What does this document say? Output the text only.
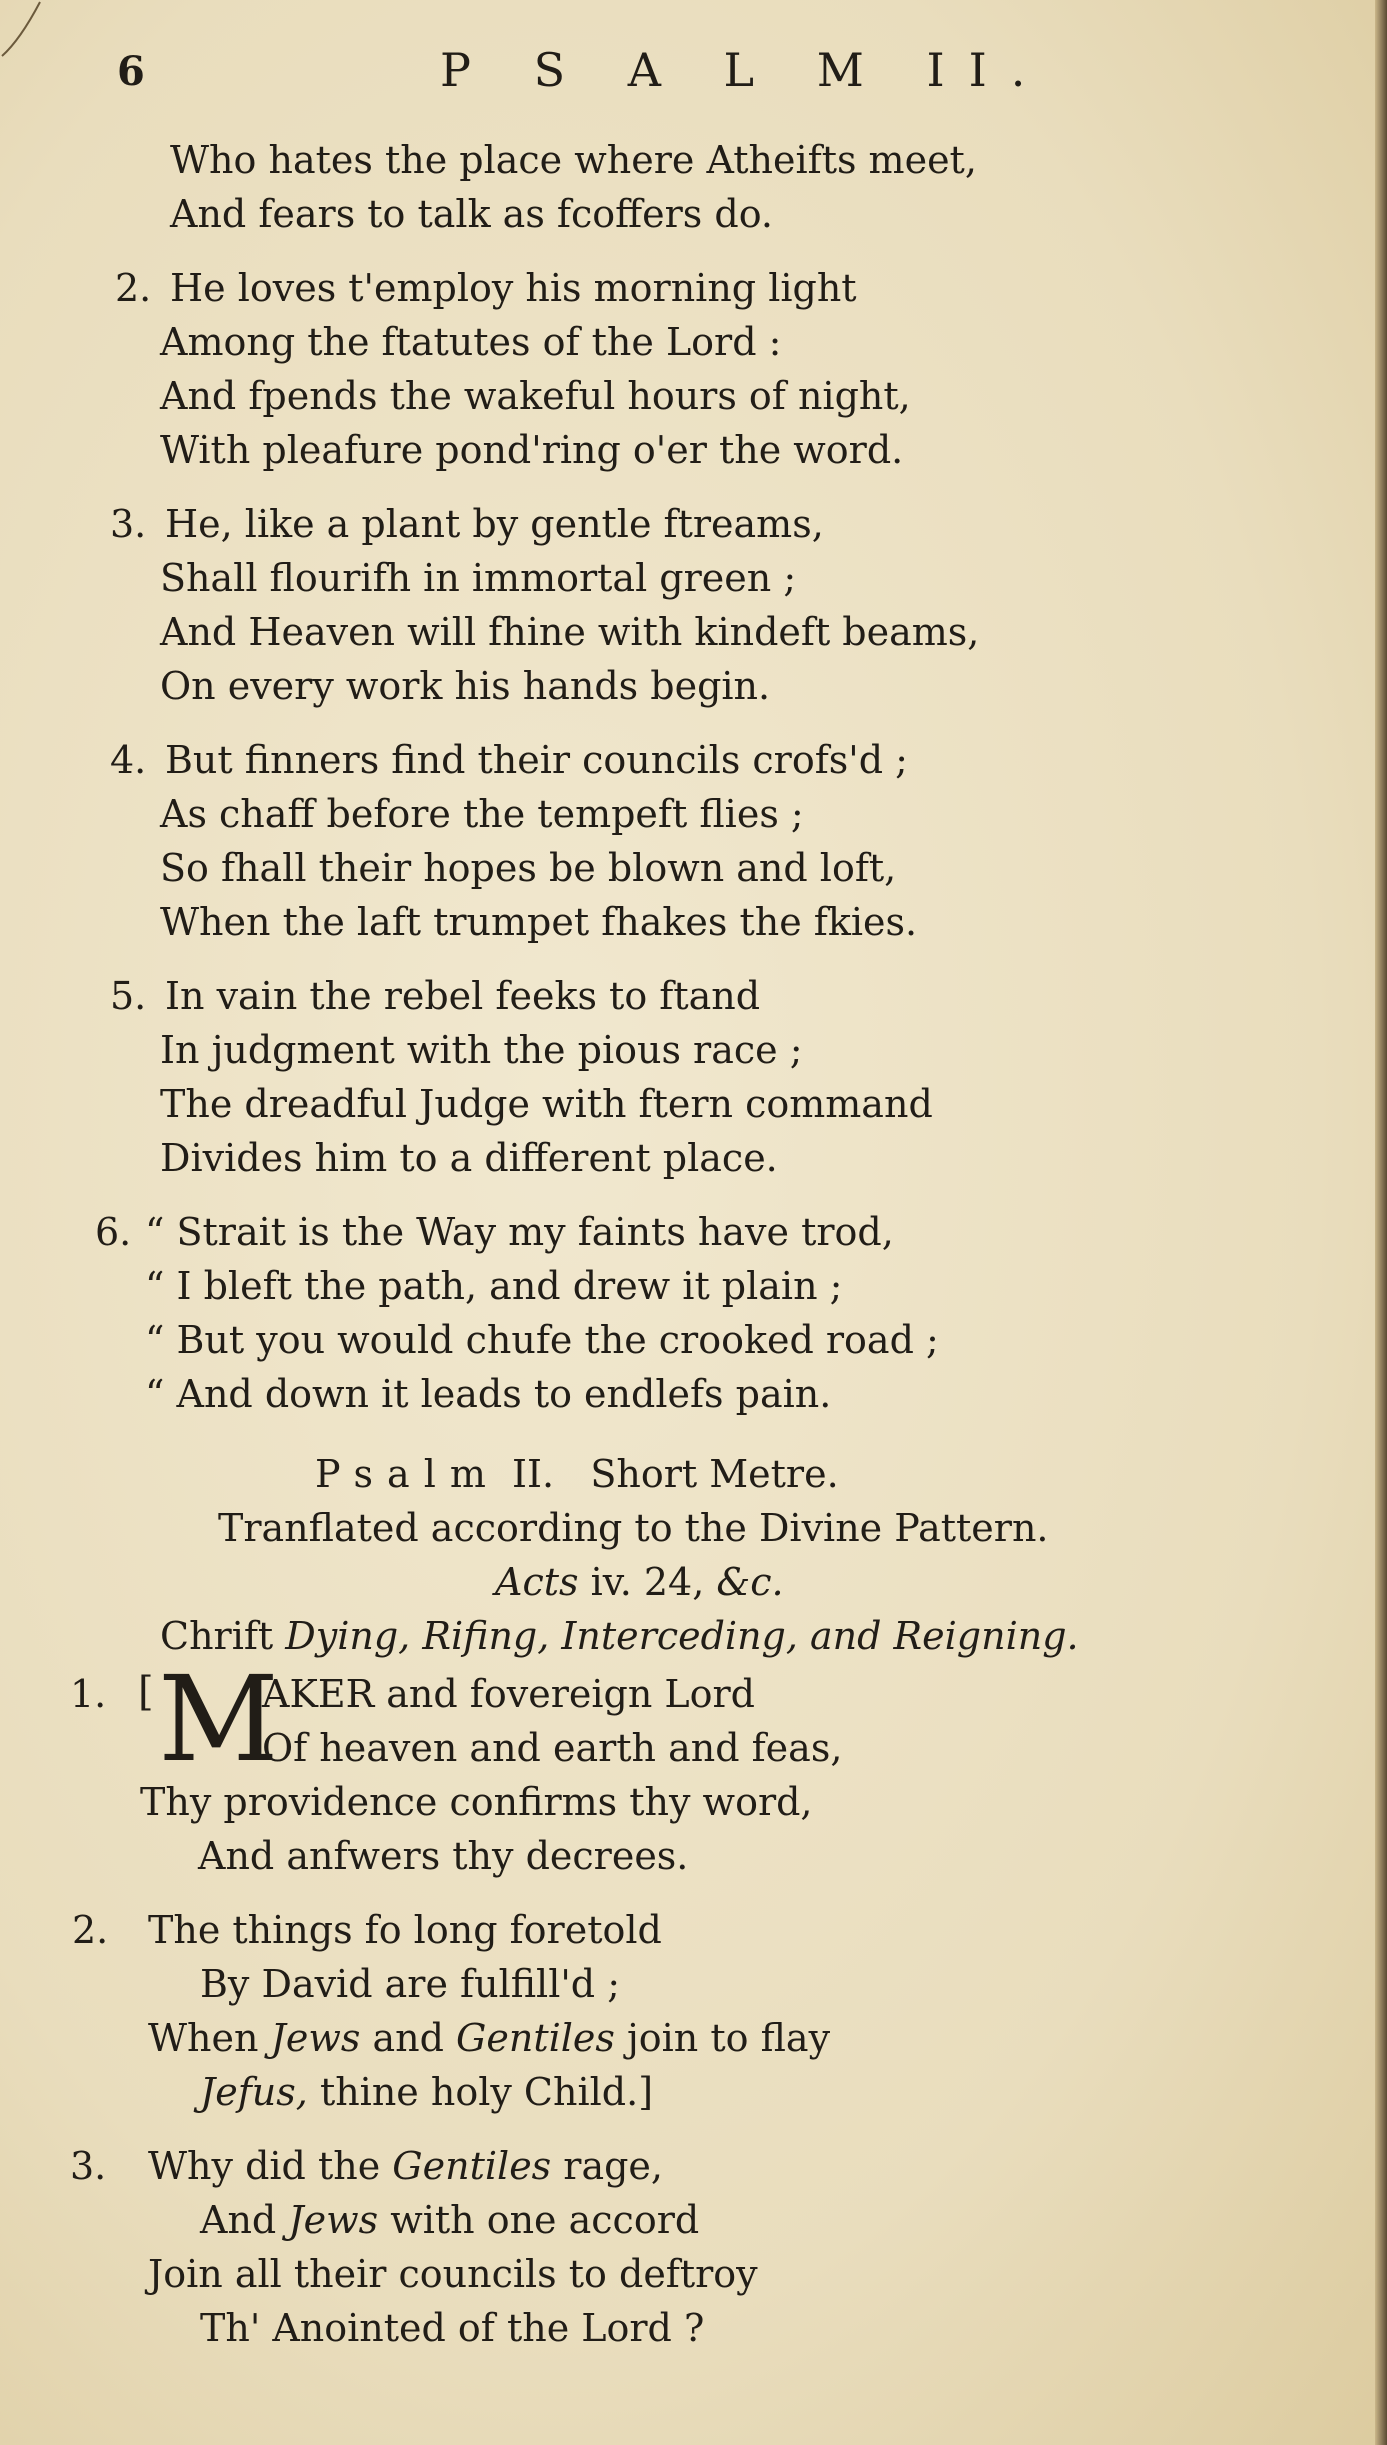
6	P S A L M II.
Who hates the place where Atheifts meet,
And fears to talk as fcoffers do.
2. He loves t'employ his morning light
Among the ftatutes of the Lord :
And fpends the wakeful hours of night,
With pleafure pond'ring o'er the word.
3. He, like a plant by gentle ftreams,
Shall flourifh in immortal green ;
And Heaven will fhine with kindeft beams,
On every work his hands begin.
4. But finners find their councils crofs'd ;
As chaff before the tempeft flies ;
So fhall their hopes be blown and loft,
When the laft trumpet fhakes the fkies.
5. In vain the rebel feeks to ftand
In judgment with the pious race ;
The dreadful Judge with ftern command
Divides him to a different place.
6. “ Strait is the Way my faints have trod,
“ I bleft the path, and drew it plain ;
“ But you would chufe the crooked road ;
“ And down it leads to endlefs pain.
Psalm II. Short Metre.
Tranflated according to the Divine Pattern.
Acts iv. 24, &c.
Chrift Dying, Rifing, Interceding, and Reigning.
1. [ M
AKER and fovereign Lord
Of heaven and earth and feas,
Thy providence confirms thy word,
And anfwers thy decrees.
2. The things fo long foretold
By David are fulfill'd ;
When Jews and Gentiles join to flay
Jefus, thine holy Child.]
3. Why did the Gentiles rage,
And Jews with one accord
Join all their councils to deftroy
Th' Anointed of the Lord ?
